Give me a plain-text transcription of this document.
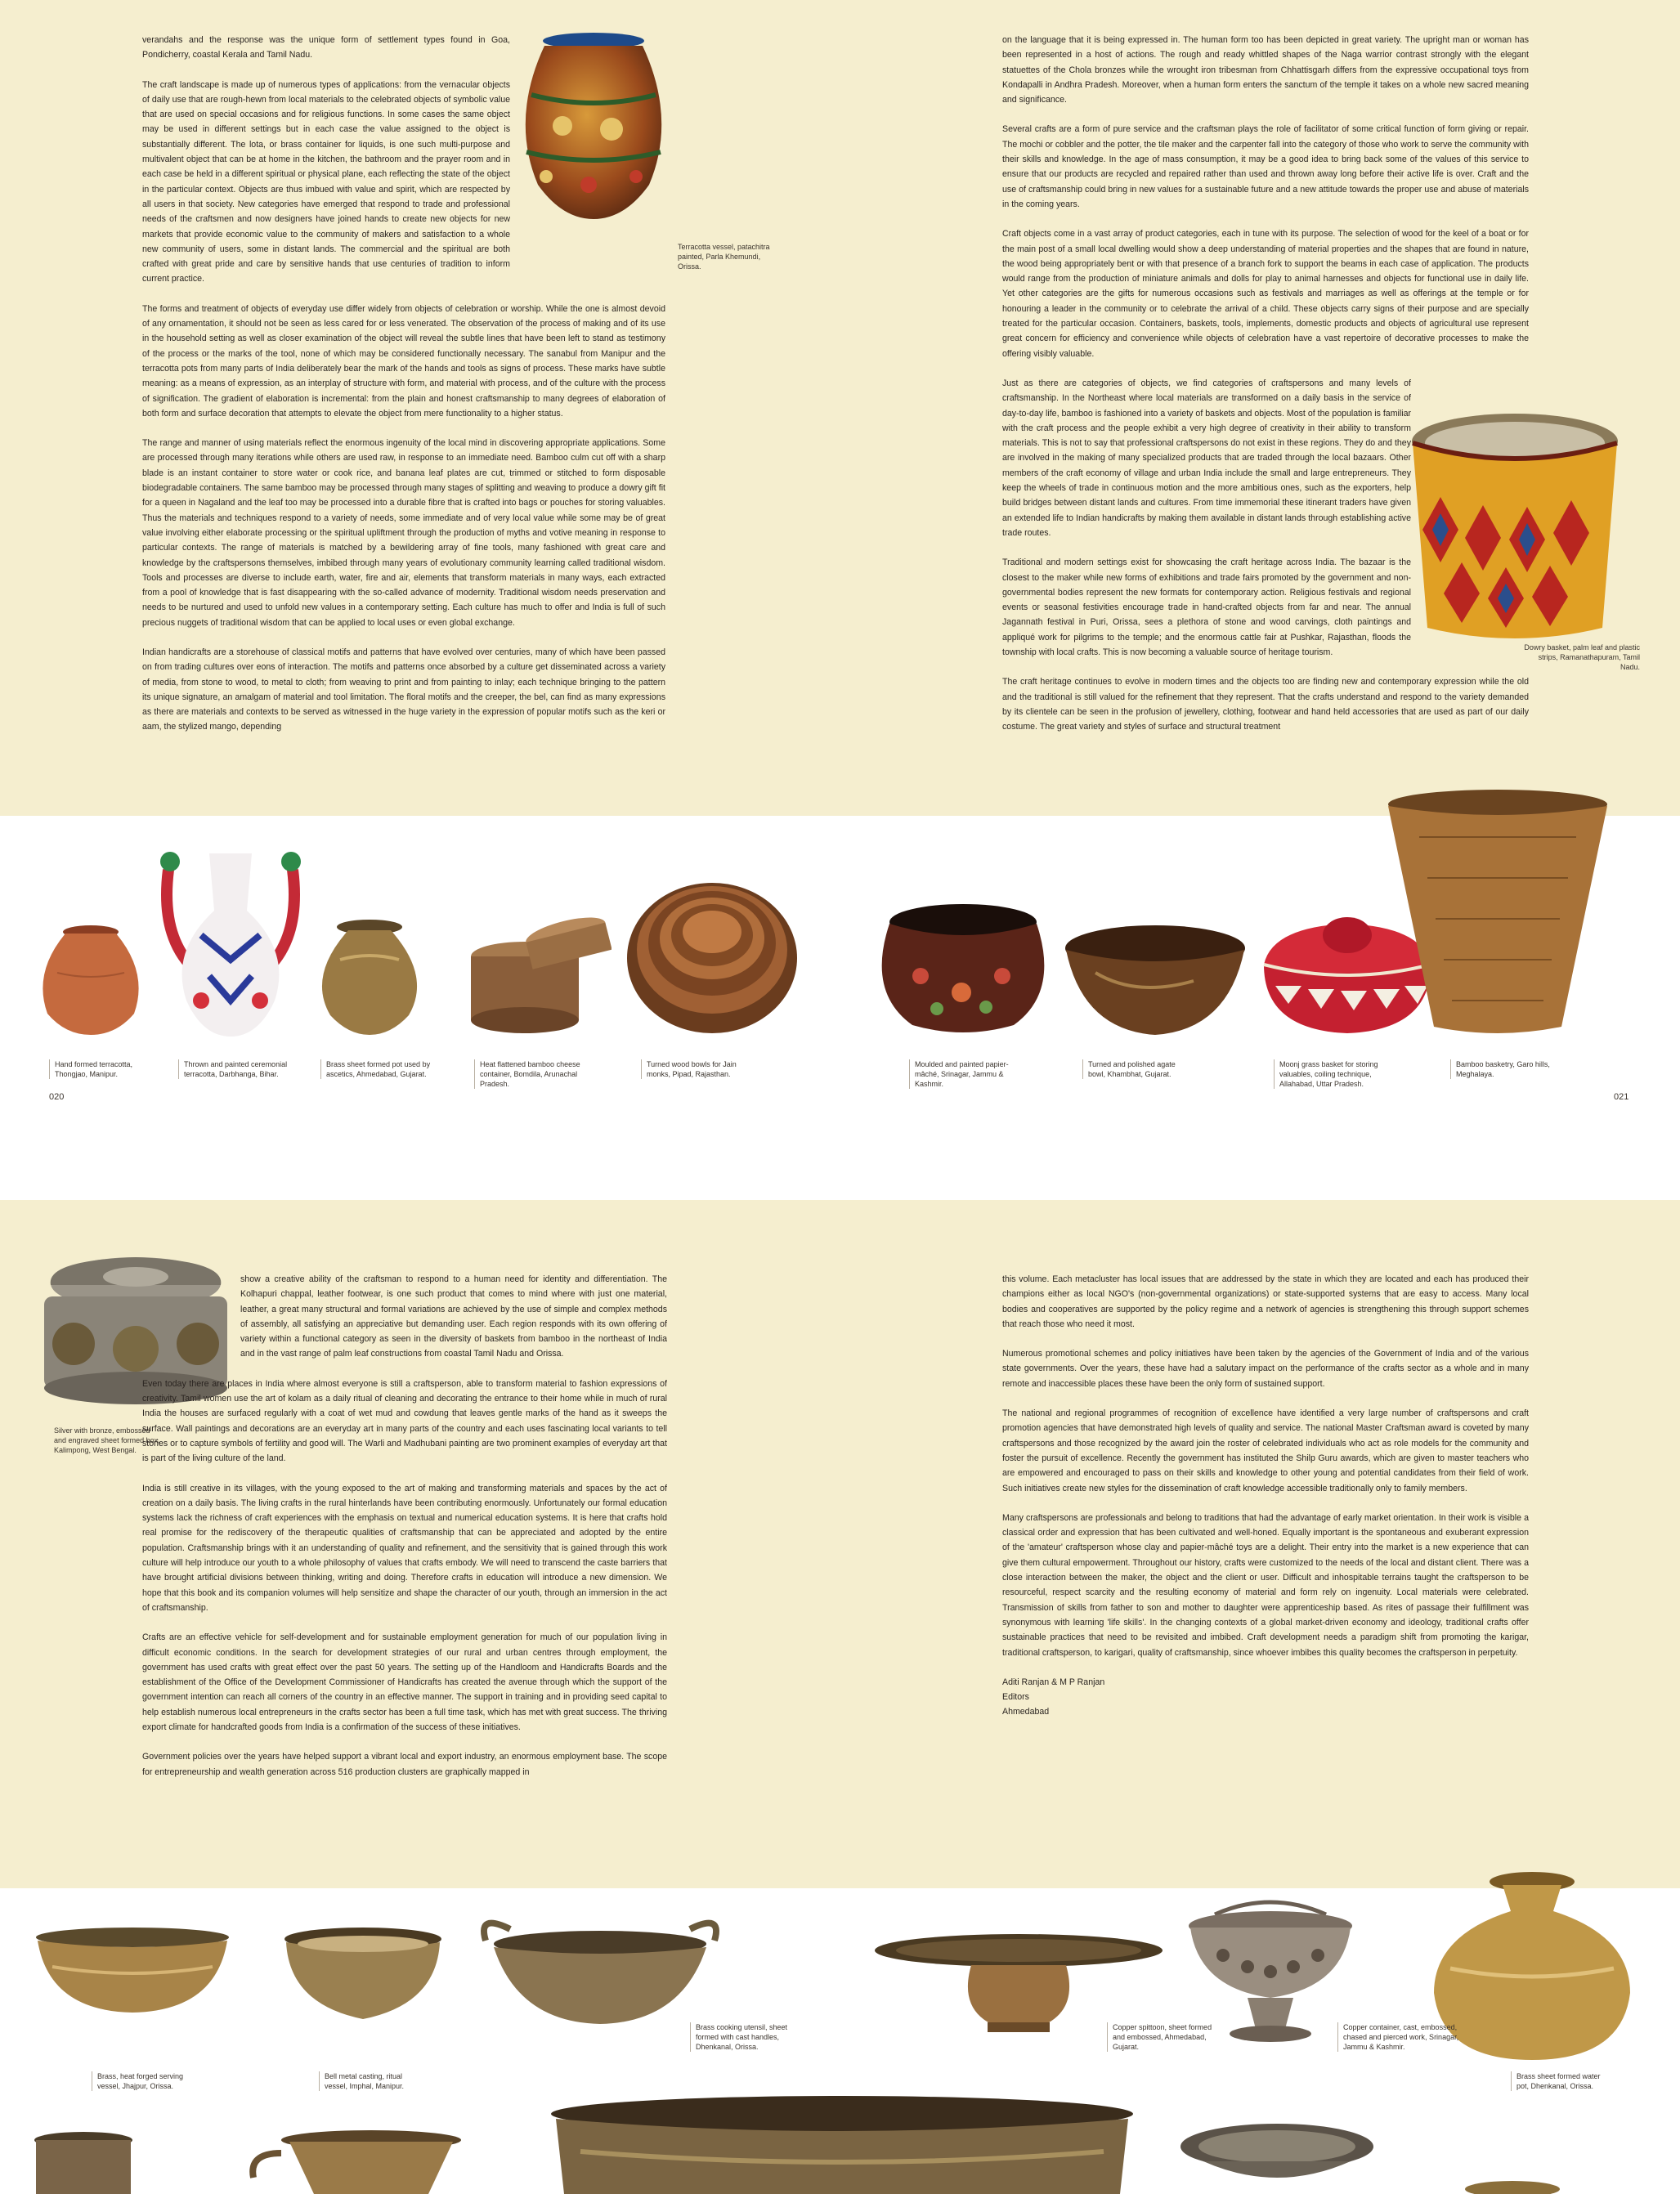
Terracotta vessel, patachitra painted, Parla Khemundi, Orissa.

verandahs and the response was the unique form of settlement types found in Goa, Pondicherry, coastal Kerala and Tamil Nadu.

The craft landscape is made up of numerous types of applications: from the vernacular objects of daily use that are rough-hewn from local materials to the celebrated objects of symbolic value that are used on special occasions and for religious functions. In some cases the same object may be used in different settings but in each case the value assigned to the object is substantially different. The lota, or brass container for liquids, is one such multi-purpose and multivalent object that can be at home in the kitchen, the bathroom and the prayer room and in each case be held in a different spiritual or physical plane, each reflecting the state of the object in the particular context. Objects are thus imbued with value and spirit, which are respected by all users in that society. New categories have emerged that respond to trade and professional needs of the craftsmen and now designers have joined hands to create new objects for new markets that provide economic value to the community of makers and satisfaction to a whole new community of users, some in distant lands. The commercial and the spiritual are both crafted with great pride and care by sensitive hands that use centuries of tradition to inform current practice.

The forms and treatment of objects of everyday use differ widely from objects of celebration or worship. While the one is almost devoid of any ornamentation, it should not be seen as less cared for or less venerated. The observation of the process of making and of its use in the household setting as well as closer examination of the object will reveal the subtle lines that have been left to stand as testimony of the process or the marks of the tool, none of which may be considered functionally necessary. The sanabul from Manipur and the terracotta pots from many parts of India deliberately bear the mark of the hands and tools as signs of process. These marks have subtle meaning: as a means of expression, as an interplay of structure with form, and material with process, and of the culture with the process of signification. The gradient of elaboration is incremental: from the plain and honest craftsmanship to many degrees of elaboration of both form and surface decoration that attempts to elevate the object from mere functionality to a higher status.

The range and manner of using materials reflect the enormous ingenuity of the local mind in discovering appropriate applications. Some are processed through many iterations while others are used raw, in response to an immediate need. Bamboo culm cut off with a sharp blade is an instant container to store water or cook rice, and banana leaf plates are cut, trimmed or stitched to form disposable biodegradable containers. The same bamboo may be processed through many stages of splitting and weaving to produce a dowry gift fit for a queen in Nagaland and the leaf too may be processed into a durable fibre that is crafted into bags or pouches for storing valuables. Thus the materials and techniques respond to a variety of needs, some immediate and of very local value while some may be of great value involving either elaborate processing or the spiritual upliftment through the production of myths and votive meaning in response to particular contexts. The range of materials is matched by a bewildering array of fine tools, many fashioned with great care and knowledge by the craftspersons themselves, imbibed through many years of evolutionary community learning called traditional wisdom. Tools and processes are diverse to include earth, water, fire and air, elements that transform materials in many ways, each extracted from a pool of knowledge that is fast disappearing with the so-called advance of modernity. Traditional wisdom needs preservation and needs to be nurtured and used to unfold new values in a contemporary setting. Each culture has much to offer and India is full of such precious nuggets of traditional wisdom that can be applied to local uses or even global exchange.

Indian handicrafts are a storehouse of classical motifs and patterns that have evolved over centuries, many of which have been passed on from trading cultures over eons of interaction. The motifs and patterns once absorbed by a culture get disseminated across a variety of media, from stone to wood, to metal to cloth; from weaving to print and from painting to inlay; each technique bringing to the pattern its unique signature, an amalgam of material and tool limitation. The floral motifs and the creeper, the bel, can find as many expressions as there are materials and contexts to be served as witnessed in the huge variety in the expression of popular motifs such as the keri or aam, the stylized mango, depending

Dowry basket, palm leaf and plastic strips, Ramanathapuram, Tamil Nadu.

on the language that it is being expressed in. The human form too has been depicted in great variety. The upright man or woman has been represented in a host of actions. The rough and ready whittled shapes of the Naga warrior contrast strongly with the elegant statuettes of the Chola bronzes while the wrought iron tribesman from Chhattisgarh differs from the expressive occupational toys from Kondapalli in Andhra Pradesh. Moreover, when a human form enters the sanctum of the temple it takes on a whole new sacred meaning and significance.

Several crafts are a form of pure service and the craftsman plays the role of facilitator of some critical function of form giving or repair. The mochi or cobbler and the potter, the tile maker and the carpenter fall into the category of those who work to serve the community with their skills and knowledge. In the age of mass consumption, it may be a good idea to bring back some of the values of this service to ensure that our products are recycled and repaired rather than used and thrown away long before their active life is over. Craft and the use of craftsmanship could bring in new values for a sustainable future and a new attitude towards the proper use and abuse of materials in the coming years.

Craft objects come in a vast array of product categories, each in tune with its purpose. The selection of wood for the keel of a boat or for the main post of a small local dwelling would show a deep understanding of material properties and the shapes that are found in nature, the wood being appropriately bent or with that presence of a branch fork to support the beams in each case of application. The products would range from the production of miniature animals and dolls for play to animal harnesses and objects for functional use in daily life. Yet other categories are the gifts for numerous occasions such as festivals and marriages as well as offerings at the temple or for honouring a leader in the community or to celebrate the arrival of a child. These objects carry signs of their purpose and are specially treated for the particular occasion. Containers, baskets, tools, implements, domestic products and objects of agricultural use represent great concern for efficiency and convenience while objects of celebration have a vast repertoire of decorative processes to make the offering visibly valuable.

Just as there are categories of objects, we find categories of craftspersons and many levels of craftsmanship. In the Northeast where local materials are transformed on a daily basis in the service of day-to-day life, bamboo is fashioned into a variety of baskets and objects. Most of the population is familiar with the craft process and the people exhibit a very high degree of creativity in their ability to transform materials. This is not to say that professional craftspersons do not exist in these regions. They do and they are involved in the making of many specialized products that are traded through the local bazaars. Other members of the craft economy of village and urban India include the small and large entrepreneurs. They keep the wheels of trade in continuous motion and the more ambitious ones, such as the exporters, help build bridges between distant lands and cultures. From time immemorial these itinerant traders have given an extended life to Indian handicrafts by making them available in distant lands through establishing active trade routes.

Traditional and modern settings exist for showcasing the craft heritage across India. The bazaar is the closest to the maker while new forms of exhibitions and trade fairs promoted by the government and non-governmental bodies represent the new formats for contemporary action. Religious festivals and regional events or seasonal festivities encourage trade in hand-crafted objects from far and near. The annual Jagannath festival in Puri, Orissa, sees a plethora of stone and wood carvings, cloth paintings and appliqué work for pilgrims to the temple; and the enormous cattle fair at Pushkar, Rajasthan, floods the township with local crafts. This is now becoming a valuable source of heritage tourism.

The craft heritage continues to evolve in modern times and the objects too are finding new and contemporary expression while the old and the traditional is still valued for the refinement that they represent. That the crafts understand and respond to the variety demanded by its clientele can be seen in the profusion of jewellery, clothing, footwear and hand held accessories that are used as part of our daily costume. The great variety and styles of surface and structural treatment

Hand formed terracotta, Thongjao, Manipur.
Thrown and painted ceremonial terracotta, Darbhanga, Bihar.
Brass sheet formed pot used by ascetics, Ahmedabad, Gujarat.
Heat flattened bamboo cheese container, Bomdila, Arunachal Pradesh.
Turned wood bowls for Jain monks, Pipad, Rajasthan.
Moulded and painted papier-mâché, Srinagar, Jammu & Kashmir.
Turned and polished agate bowl, Khambhat, Gujarat.
Moonj grass basket for storing valuables, coiling technique, Allahabad, Uttar Pradesh.
Bamboo basketry, Garo hills, Meghalaya.
020	021
Silver with bronze, embossed and engraved sheet formed box, Kalimpong, West Bengal.

show a creative ability of the craftsman to respond to a human need for identity and differentiation. The Kolhapuri chappal, leather footwear, is one such product that comes to mind where with just one material, leather, a great many structural and formal variations are achieved by the use of simple and complex methods of assembly, all satisfying an appreciative but demanding user. Each region responds with its own offering of variety within a functional category as seen in the diversity of baskets from bamboo in the northeast of India and in the vast range of palm leaf constructions from coastal Tamil Nadu and Orissa.

Even today there are places in India where almost everyone is still a craftsperson, able to transform material to fashion expressions of creativity. Tamil women use the art of kolam as a daily ritual of cleaning and decorating the entrance to their home while in much of rural India the houses are surfaced regularly with a coat of wet mud and cowdung that leaves gentle marks of the hand as it sweeps the surface. Wall paintings and decorations are an everyday art in many parts of the country and each uses fascinating local variants to tell stories or to capture symbols of fertility and good will. The Warli and Madhubani painting are two prominent examples of everyday art that is part of the living culture of the land.

India is still creative in its villages, with the young exposed to the art of making and transforming materials and spaces by the act of creation on a daily basis. The living crafts in the rural hinterlands have been contributing enormously. Unfortunately our formal education systems lack the richness of craft experiences with the emphasis on textual and numerical education systems. It is here that crafts hold real promise for the rediscovery of the therapeutic qualities of craftsmanship that can be appreciated and adopted by the entire population. Craftsmanship brings with it an understanding of quality and refinement, and the sensitivity that is gained through this work culture will help introduce our youth to a whole philosophy of values that crafts embody. We will need to transcend the caste barriers that have brought artificial divisions between thinking, writing and doing. Therefore crafts in education will introduce a new dimension. We hope that this book and its companion volumes will help sensitize and shape the character of our youth, through an immersion in the act of craftsmanship.

Crafts are an effective vehicle for self-development and for sustainable employment generation for much of our population living in difficult economic conditions. In the search for development strategies of our rural and urban centres through employment, the government has used crafts with great effect over the past 50 years. The setting up of the Handloom and Handicrafts Boards and the establishment of the Office of the Development Commissioner of Handicrafts has created the avenue through which the support of the government intention can reach all corners of the country in an effective manner. The support in training and in providing seed capital to help establish numerous local entrepreneurs in the crafts sector has been a full time task, which has met with great success. The thriving export climate for handcrafted goods from India is a confirmation of the success of these initiatives.

Government policies over the years have helped support a vibrant local and export industry, an enormous employment base. The scope for entrepreneurship and wealth generation across 516 production clusters are graphically mapped in

this volume. Each metacluster has local issues that are addressed by the state in which they are located and each has produced their champions either as local NGO's (non-governmental organizations) or state-supported systems that are easy to access. Many local bodies and cooperatives are supported by the policy regime and a network of agencies is strengthening this through support schemes that reach those who need it most.

Numerous promotional schemes and policy initiatives have been taken by the agencies of the Government of India and of the various state governments. Over the years, these have had a salutary impact on the performance of the crafts sector as a whole and in many remote and inaccessible places these have been the only form of sustained support.

The national and regional programmes of recognition of excellence have identified a very large number of craftspersons and craft promotion agencies that have demonstrated high levels of quality and service. The national Master Craftsman award is coveted by many craftspersons and those recognized by the award join the roster of celebrated individuals who act as role models for the community and foster the pursuit of excellence. Recently the government has instituted the Shilp Guru awards, which are given to master teachers who are empowered and encouraged to pass on their skills and knowledge to other young and potential candidates from their field of work. Such initiatives create new styles for the dissemination of craft knowledge accessible traditionally only to family members.

Many craftspersons are professionals and belong to traditions that had the advantage of early market orientation. In their work is visible a classical order and expression that has been cultivated and well-honed. Equally important is the spontaneous and exuberant expression of the 'amateur' craftsperson whose clay and papier-mâché toys are a delight. Their entry into the market is a new experience that can give them cultural empowerment. Throughout our history, crafts were customized to the needs of the local and distant client. There was a close interaction between the maker, the object and the client or user. Difficult and inhospitable terrains taught the craftsperson to be resourceful, respect scarcity and the resulting economy of material and form rely on ingenuity. Local materials were celebrated. Transmission of skills from father to son and mother to daughter were apprenticeship based. As rites of passage their fulfillment was synonymous with learning 'life skills'. In the changing contexts of a global market-driven economy and ideology, traditional crafts offer sustainable practices that need to be revisited and imbibed. Craft development needs a paradigm shift from promoting the karigar, traditional craftsperson, to karigari, quality of craftsmanship, since whoever imbibes this quality becomes the craftsperson in perpetuity.

Aditi Ranjan & M P Ranjan
Editors
Ahmedabad
Brass, heat forged serving vessel, Jhajpur, Orissa.
Bell metal casting, ritual vessel, Imphal, Manipur.
Brass cooking utensil, sheet formed with cast handles, Dhenkanal, Orissa.
Copper spittoon, sheet formed and embossed, Ahmedabad, Gujarat.
Copper container, cast, embossed, chased and pierced work, Srinagar, Jammu & Kashmir.
Brass sheet formed water pot, Dhenkanal, Orissa.
